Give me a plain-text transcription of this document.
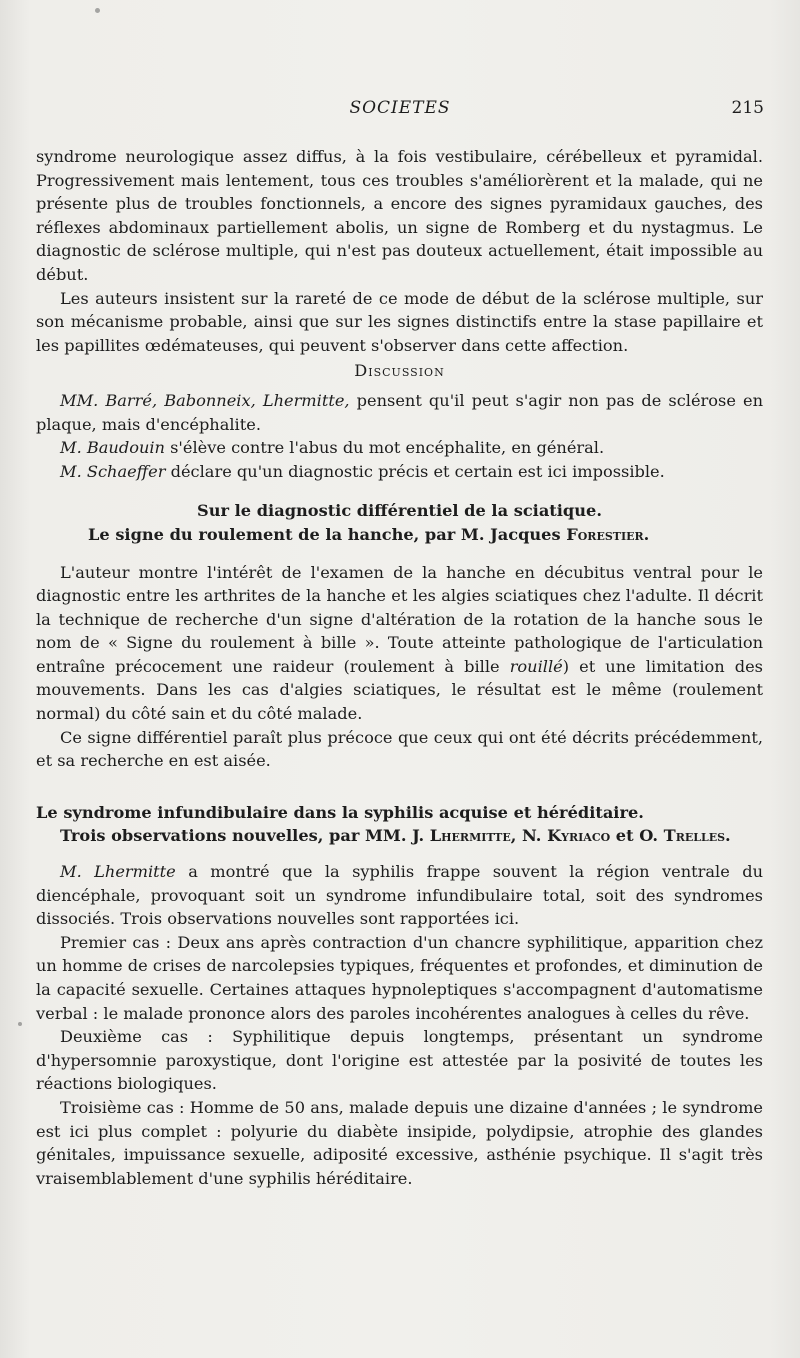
SOCIETES	215

syndrome neurologique assez diffus, à la fois vestibulaire, cérébelleux et pyramidal. Progressivement mais lentement, tous ces troubles s'améliorèrent et la malade, qui ne présente plus de troubles fonctionnels, a encore des signes pyramidaux gauches, des réflexes abdominaux partiellement abolis, un signe de Romberg et du nystagmus. Le diagnostic de sclérose multiple, qui n'est pas douteux actuellement, était impossible au début.

Les auteurs insistent sur la rareté de ce mode de début de la sclérose multiple, sur son mécanisme probable, ainsi que sur les signes distinctifs entre la stase papillaire et les papillites œdémateuses, qui peuvent s'observer dans cette affection.

Discussion

MM. Barré, Babonneix, Lhermitte, pensent qu'il peut s'agir non pas de sclérose en plaque, mais d'encéphalite.

M. Baudouin s'élève contre l'abus du mot encéphalite, en général.

M. Schaeffer déclare qu'un diagnostic précis et certain est ici impossible.

Sur le diagnostic différentiel de la sciatique.
Le signe du roulement de la hanche, par M. Jacques Forestier.

L'auteur montre l'intérêt de l'examen de la hanche en décubitus ventral pour le diagnostic entre les arthrites de la hanche et les algies sciatiques chez l'adulte. Il décrit la technique de recherche d'un signe d'altération de la rotation de la hanche sous le nom de « Signe du roulement à bille ». Toute atteinte pathologique de l'articulation entraîne précocement une raideur (roulement à bille rouillé) et une limitation des mouvements. Dans les cas d'algies sciatiques, le résultat est le même (roulement normal) du côté sain et du côté malade.

Ce signe différentiel paraît plus précoce que ceux qui ont été décrits précédemment, et sa recherche en est aisée.

Le syndrome infundibulaire dans la syphilis acquise et héréditaire.
Trois observations nouvelles, par MM. J. Lhermitte, N. Kyriaco et O. Trelles.

M. Lhermitte a montré que la syphilis frappe souvent la région ventrale du diencéphale, provoquant soit un syndrome infundibulaire total, soit des syndromes dissociés. Trois observations nouvelles sont rapportées ici.

Premier cas : Deux ans après contraction d'un chancre syphilitique, apparition chez un homme de crises de narcolepsies typiques, fréquentes et profondes, et diminution de la capacité sexuelle. Certaines attaques hypnoleptiques s'accompagnent d'automatisme verbal : le malade prononce alors des paroles incohérentes analogues à celles du rêve.

Deuxième cas : Syphilitique depuis longtemps, présentant un syndrome d'hypersomnie paroxystique, dont l'origine est attestée par la posivité de toutes les réactions biologiques.

Troisième cas : Homme de 50 ans, malade depuis une dizaine d'années ; le syndrome est ici plus complet : polyurie du diabète insipide, polydipsie, atrophie des glandes génitales, impuissance sexuelle, adiposité excessive, asthénie psychique. Il s'agit très vraisemblablement d'une syphilis héréditaire.
